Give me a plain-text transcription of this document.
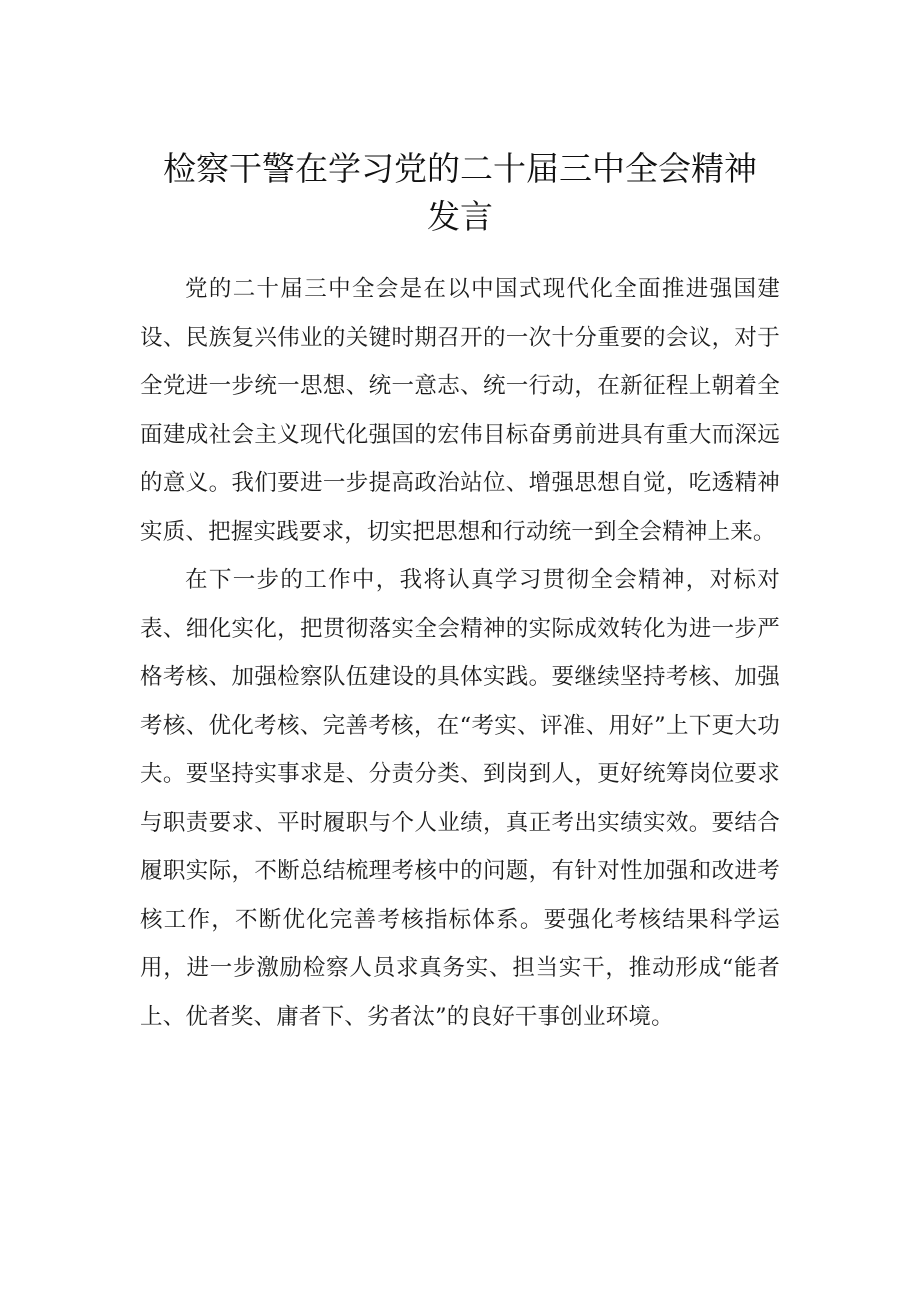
检察干警在学习党的二十届三中全会精神
发言

党的二十届三中全会是在以中国式现代化全面推进强国建设、民族复兴伟业的关键时期召开的一次十分重要的会议，对于全党进一步统一思想、统一意志、统一行动，在新征程上朝着全面建成社会主义现代化强国的宏伟目标奋勇前进具有重大而深远的意义。我们要进一步提高政治站位、增强思想自觉，吃透精神实质、把握实践要求，切实把思想和行动统一到全会精神上来。

在下一步的工作中，我将认真学习贯彻全会精神，对标对表、细化实化，把贯彻落实全会精神的实际成效转化为进一步严格考核、加强检察队伍建设的具体实践。要继续坚持考核、加强考核、优化考核、完善考核，在“考实、评准、用好”上下更大功夫。要坚持实事求是、分责分类、到岗到人，更好统筹岗位要求与职责要求、平时履职与个人业绩，真正考出实绩实效。要结合履职实际，不断总结梳理考核中的问题，有针对性加强和改进考核工作，不断优化完善考核指标体系。要强化考核结果科学运用，进一步激励检察人员求真务实、担当实干，推动形成“能者上、优者奖、庸者下、劣者汰”的良好干事创业环境。
